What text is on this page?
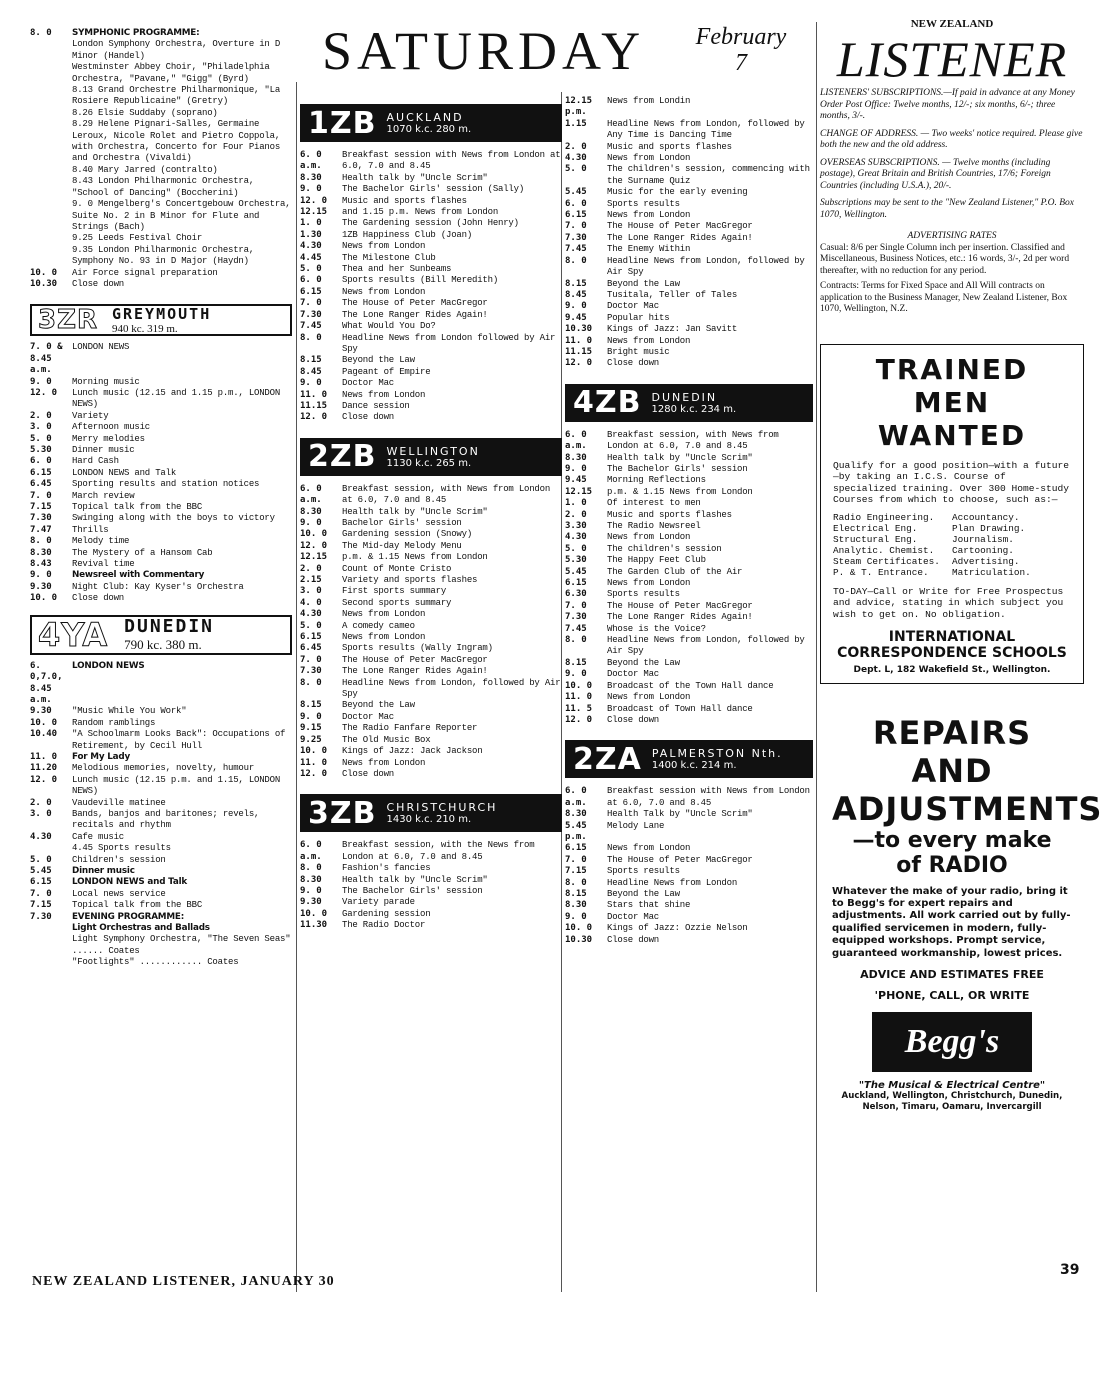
SATURDAY	February
7
8. 0	SYMPHONIC PROGRAMME:
London Symphony Orchestra, Overture in D Minor (Handel)
Westminster Abbey Choir, "Philadelphia Orchestra, "Pavane," "Gigg" (Byrd)
8.13 Grand Orchestre Philharmonique, "La Rosiere Republicaine" (Gretry)
8.26 Elsie Suddaby (soprano)
8.29 Helene Pignari-Salles, Germaine Leroux, Nicole Rolet and Pietro Coppola, with Orchestra, Concerto for Four Pianos and Orchestra (Vivaldi)
8.40 Mary Jarred (contralto)
8.43 London Philharmonic Orchestra, "School of Dancing" (Boccherini)
9. 0 Mengelberg's Concertgebouw Orchestra, Suite No. 2 in B Minor for Flute and Strings (Bach)
9.25 Leeds Festival Choir
9.35 London Philharmonic Orchestra, Symphony No. 93 in D Major (Haydn)
10. 0	Air Force signal preparation
10.30	Close down
3ZR GREYMOUTH
940 kc. 319 m.
7. 0 & 8.45 a.m.
LONDON NEWS
9. 0	Morning music
12. 0	Lunch music (12.15 and 1.15 p.m., LONDON NEWS)
2. 0	Variety
3. 0	Afternoon music
5. 0	Merry melodies
5.30	Dinner music
6. 0	Hard Cash
6.15	LONDON NEWS and Talk
6.45	Sporting results and station notices
7. 0	March review
7.15	Topical talk from the BBC
7.30	Swinging along with the boys to victory
7.47	Thrills
8. 0	Melody time
8.30	The Mystery of a Hansom Cab
8.43	Revival time
9. 0	Newsreel with Commentary
9.30	Night Club: Kay Kyser's Orchestra
10. 0	Close down
4YA DUNEDIN
790 kc. 380 m.
6. 0,7.0, 8.45 a.m.
LONDON NEWS
9.30	"Music While You Work"
10. 0	Random ramblings
10.40	"A Schoolmarm Looks Back": Occupations of Retirement, by Cecil Hull
11. 0	For My Lady
11.20	Melodious memories, novelty, humour
12. 0	Lunch music (12.15 p.m. and 1.15, LONDON NEWS)
2. 0	Vaudeville matinee
3. 0	Bands, banjos and baritones; revels, recitals and rhythm
4.30	Cafe music
4.45 Sports results
5. 0	Children's session
5.45	Dinner music
6.15	LONDON NEWS and Talk
7. 0	Local news service
7.15	Topical talk from the BBC
7.30	EVENING PROGRAMME:
Light Orchestras and Ballads
Light Symphony Orchestra, "The Seven Seas" ...... Coates
"Footlights" ............ Coates
1ZB AUCKLAND
1070 k.c. 280 m.
6. 0 a.m.
Breakfast session with News from London at 6.0, 7.0 and 8.45
8.30	Health talk by "Uncle Scrim"
9. 0	The Bachelor Girls' session (Sally)
12. 0	Music and sports flashes
12.15	and 1.15 p.m. News from London
1. 0	The Gardening session (John Henry)
1.30	1ZB Happiness Club (Joan)
4.30	News from London
4.45	The Milestone Club
5. 0	Thea and her Sunbeams
6. 0	Sports results (Bill Meredith)
6.15	News from London
7. 0	The House of Peter MacGregor
7.30	The Lone Ranger Rides Again!
7.45	What Would You Do?
8. 0	Headline News from London followed by Air Spy
8.15	Beyond the Law
8.45	Pageant of Empire
9. 0	Doctor Mac
11. 0	News from London
11.15	Dance session
12. 0	Close down
2ZB WELLINGTON
1130 k.c. 265 m.
6. 0 a.m.
Breakfast session, with News from London at 6.0, 7.0 and 8.45
8.30	Health talk by "Uncle Scrim"
9. 0	Bachelor Girls' session
10. 0	Gardening session (Snowy)
12. 0	The Mid-day Melody Menu
12.15	p.m. & 1.15 News from London
2. 0	Count of Monte Cristo
2.15	Variety and sports flashes
3. 0	First sports summary
4. 0	Second sports summary
4.30	News from London
5. 0	A comedy cameo
6.15	News from London
6.45	Sports results (Wally Ingram)
7. 0	The House of Peter MacGregor
7.30	The Lone Ranger Rides Again!
8. 0	Headline News from London, followed by Air Spy
8.15	Beyond the Law
9. 0	Doctor Mac
9.15	The Radio Fanfare Reporter
9.25	The Old Music Box
10. 0	Kings of Jazz: Jack Jackson
11. 0	News from London
12. 0	Close down
3ZB CHRISTCHURCH
1430 k.c. 210 m.
6. 0 a.m.
Breakfast session, with the News from London at 6.0, 7.0 and 8.45
8. 0	Fashion's fancies
8.30	Health talk by "Uncle Scrim"
9. 0	The Bachelor Girls' session
9.30	Variety parade
10. 0	Gardening session
11.30	The Radio Doctor
12.15 p.m.
News from Londin
1.15	Headline News from London, followed by Any Time is Dancing Time
2. 0	Music and sports flashes
4.30	News from London
5. 0	The children's session, commencing with the Surname Quiz
5.45	Music for the early evening
6. 0	Sports results
6.15	News from London
7. 0	The House of Peter MacGregor
7.30	The Lone Ranger Rides Again!
7.45	The Enemy Within
8. 0	Headline News from London, followed by Air Spy
8.15	Beyond the Law
8.45	Tusitala, Teller of Tales
9. 0	Doctor Mac
9.45	Popular hits
10.30	Kings of Jazz: Jan Savitt
11. 0	News from London
11.15	Bright music
12. 0	Close down
4ZB DUNEDIN
1280 k.c. 234 m.
6. 0 a.m.
Breakfast session, with News from London at 6.0, 7.0 and 8.45
8.30	Health talk by "Uncle Scrim"
9. 0	The Bachelor Girls' session
9.45	Morning Reflections
12.15	p.m. & 1.15 News from London
1. 0	Of interest to men
2. 0	Music and sports flashes
3.30	The Radio Newsreel
4.30	News from London
5. 0	The children's session
5.30	The Happy Feet Club
5.45	The Garden Club of the Air
6.15	News from London
6.30	Sports results
7. 0	The House of Peter MacGregor
7.30	The Lone Ranger Rides Again!
7.45	Whose is the Voice?
8. 0	Headline News from London, followed by Air Spy
8.15	Beyond the Law
9. 0	Doctor Mac
10. 0	Broadcast of the Town Hall dance
11. 0	News from London
11. 5	Broadcast of Town Hall dance
12. 0	Close down
2ZA PALMERSTON Nth.
1400 k.c. 214 m.
6. 0 a.m.
Breakfast session with News from London at 6.0, 7.0 and 8.45
8.30	Health Talk by "Uncle Scrim"
5.45 p.m.
Melody Lane
6.15	News from London
7. 0	The House of Peter MacGregor
7.15	Sports results
8. 0	Headline News from London
8.15	Beyond the Law
8.30	Stars that shine
9. 0	Doctor Mac
10. 0	Kings of Jazz: Ozzie Nelson
10.30	Close down
NEW ZEALAND
LISTENER
LISTENERS' SUBSCRIPTIONS.—If paid in advance at any Money Order Post Office: Twelve months, 12/-; six months, 6/-; three months, 3/-.
CHANGE OF ADDRESS. — Two weeks' notice required. Please give both the new and the old address.
OVERSEAS SUBSCRIPTIONS. — Twelve months (including postage), Great Britain and British Countries, 17/6; Foreign Countries (including U.S.A.), 20/-.
Subscriptions may be sent to the "New Zealand Listener," P.O. Box 1070, Wellington.
ADVERTISING RATES
Casual: 8/6 per Single Column inch per insertion. Classified and Miscellaneous, Business Notices, etc.: 16 words, 3/-, 2d per word thereafter, with no reduction for any period.
Contracts: Terms for Fixed Space and All Will contracts on application to the Business Manager, New Zealand Listener, Box 1070, Wellington, N.Z.
TRAINED MEN
WANTED
Qualify for a good position—with a future—by taking an I.C.S. Course of specialized training. Over 300 Home-study Courses from which to choose, such as:—
Radio Engineering.	Accountancy.
Electrical Eng.	Plan Drawing.
Structural Eng.	Journalism.
Analytic. Chemist.	Cartooning.
Steam Certificates.	Advertising.
P. & T. Entrance.	Matriculation.
TO-DAY—Call or Write for Free Prospectus and advice, stating in which subject you wish to get on. No obligation.
INTERNATIONAL
CORRESPONDENCE SCHOOLS
Dept. L, 182 Wakefield St., Wellington.
REPAIRS AND
ADJUSTMENTS
—to every make
of RADIO
Whatever the make of your radio, bring it to Begg's for expert repairs and adjustments. All work carried out by fully-qualified servicemen in modern, fully-equipped workshops. Prompt service, guaranteed workmanship, lowest prices.
ADVICE AND ESTIMATES FREE
'PHONE, CALL, OR WRITE
Begg's
"The Musical & Electrical Centre"
Auckland, Wellington, Christchurch, Dunedin, Nelson, Timaru, Oamaru, Invercargill
NEW ZEALAND LISTENER, JANUARY 30
39
